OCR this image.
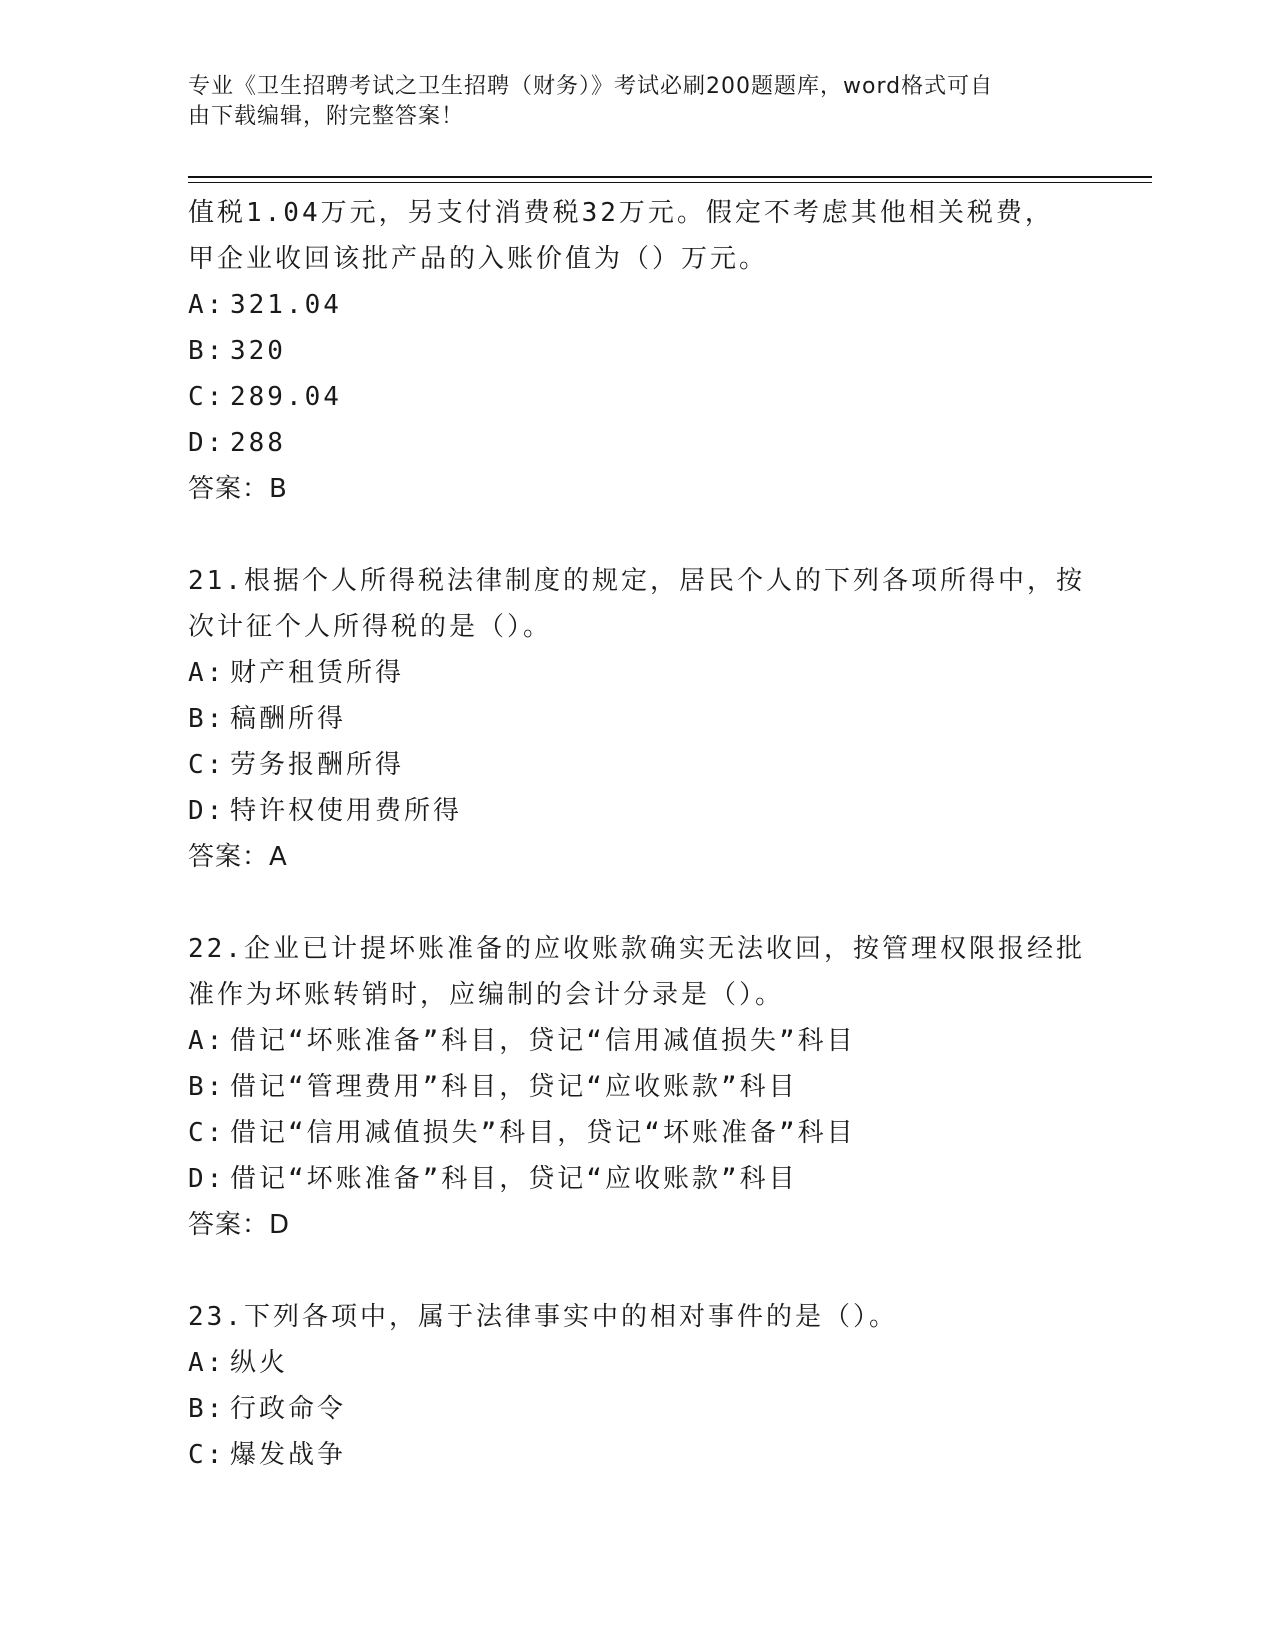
专业《卫生招聘考试之卫生招聘（财务）》考试必刷200题题库，word格式可自
由下载编辑，附完整答案！
值税1.04万元，另支付消费税32万元。假定不考虑其他相关税费，
甲企业收回该批产品的入账价值为（）万元。
A: 321.04
B: 320
C: 289.04
D: 288
答案：B
21.根据个人所得税法律制度的规定，居民个人的下列各项所得中，按
次计征个人所得税的是（）。
A: 财产租赁所得
B: 稿酬所得
C: 劳务报酬所得
D: 特许权使用费所得
答案：A
22.企业已计提坏账准备的应收账款确实无法收回，按管理权限报经批
准作为坏账转销时，应编制的会计分录是（）。
A: 借记“坏账准备”科目，贷记“信用减值损失”科目
B: 借记“管理费用”科目，贷记“应收账款”科目
C: 借记“信用减值损失”科目，贷记“坏账准备”科目
D: 借记“坏账准备”科目，贷记“应收账款”科目
答案：D
23.下列各项中，属于法律事实中的相对事件的是（）。
A: 纵火
B: 行政命令
C: 爆发战争
